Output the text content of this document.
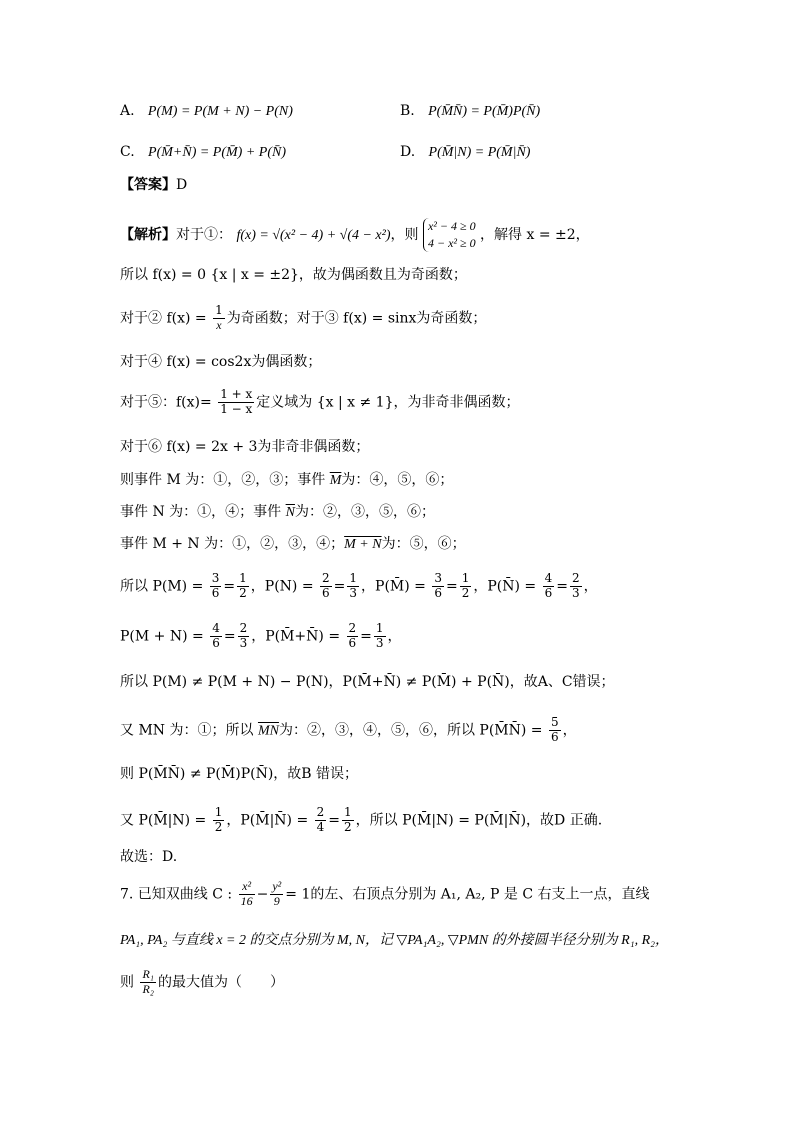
A. P(M) = P(M + N) − P(N)	B. P(M̄N̄) = P(M̄)P(N̄)
C. P(M̄+N̄) = P(M̄) + P(N̄)	D. P(M̄|N) = P(M̄|N̄)
【答案】D
【解析】对于①： f(x) = √(x² − 4) + √(4 − x²)，则
x² − 4 ≥ 0
4 − x² ≥ 0 ，解得 x = ±2，
所以 f(x) = 0 {x | x = ±2}，故为偶函数且为奇函数；
对于② $f(x) = \frac{1}{x}$ 为奇函数；对于③ f(x) = sinx为奇函数；
对于④ f(x) = cos2x为偶函数；
对于⑤：$f(x)= \frac{1 + x}{1 - x}$ 定义域为 {x | x ≠ 1}，为非奇非偶函数；
对于⑥ f(x) = 2x + 3为非奇非偶函数；
则事件 M 为：①，②，③；事件 $\overline{M}$为：④，⑤，⑥；
事件 N 为：①，④；事件 $\overline{N}$为：②，③，⑤，⑥；
事件 M + N 为：①，②，③，④；M + N为：⑤，⑥；
所以 $P(M) = \frac{3}{6} = \frac{1}{2}$ ，$P(N) = \frac{2}{6} = \frac{1}{3}$ ，P(M̄) = $\frac{3}{6} = \frac{1}{2}$ ，P(N̄) = $\frac{4}{6} = \frac{2}{3}$ ，
$P(M + N) = \frac{4}{6} = \frac{2}{3}$ ，P(M̄+N̄) = $\frac{2}{6} = \frac{1}{3}$ ，
所以 P(M) ≠ P(M + N) − P(N)，P(M̄+N̄) ≠ P(M̄) + P(N̄)，故A、C错误；
又 MN 为：①；所以 $\overline{MN}$为：②，③，④，⑤，⑥，所以 P(M̄N̄) = $\frac{5}{6}$ ，
则 P(M̄N̄) ≠ P(M̄)P(N̄)，故B 错误；
又 P(M̄|N) = $\frac{1}{2}$ ，P(M̄|N̄) = $\frac{2}{4} = \frac{1}{2}$ ，所以 P(M̄|N) = P(M̄|N̄)，故D 正确.
故选：D.
7. 已知双曲线 C : $\frac{\text{x²}}{16} - \frac{\text{y²}}{9} = 1$的左、右顶点分别为 A₁, A₂, P 是 C 右支上一点，直线
PA₁, PA₂ 与直线 x = 2 的交点分别为 M, N，记 ▽PA₁A₂, ▽PMN 的外接圆半径分别为 R₁, R₂，
则 $\frac{\text{R₁}}{\text{R₂}}$ 的最大值为（　　）
